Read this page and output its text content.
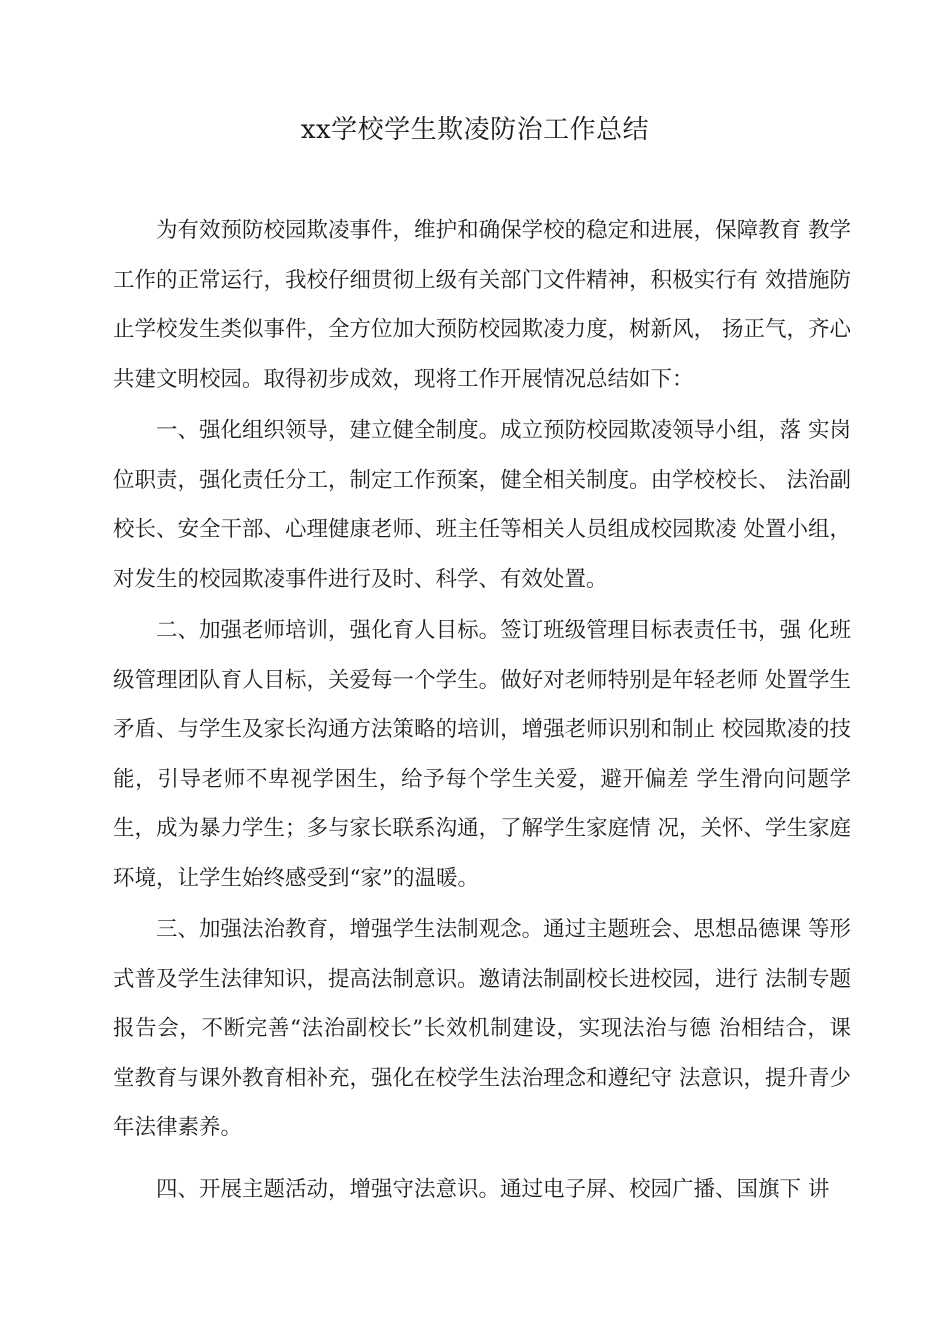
xx学校学生欺凌防治工作总结

为有效预防校园欺凌事件，维护和确保学校的稳定和进展，保障教育 教学工作的正常运行，我校仔细贯彻上级有关部门文件精神，积极实行有 效措施防止学校发生类似事件，全方位加大预防校园欺凌力度，树新风， 扬正气，齐心共建文明校园。取得初步成效，现将工作开展情况总结如下：

一、强化组织领导，建立健全制度。成立预防校园欺凌领导小组，落 实岗位职责，强化责任分工，制定工作预案，健全相关制度。由学校校长、 法治副校长、安全干部、心理健康老师、班主任等相关人员组成校园欺凌 处置小组，对发生的校园欺凌事件进行及时、科学、有效处置。

二、加强老师培训，强化育人目标。签订班级管理目标表责任书，强 化班级管理团队育人目标，关爱每一个学生。做好对老师特别是年轻老师 处置学生矛盾、与学生及家长沟通方法策略的培训，增强老师识别和制止 校园欺凌的技能，引导老师不卑视学困生，给予每个学生关爱，避开偏差 学生滑向问题学生，成为暴力学生；多与家长联系沟通，了解学生家庭情 况，关怀、学生家庭环境，让学生始终感受到“家”的温暖。

三、加强法治教育，增强学生法制观念。通过主题班会、思想品德课 等形式普及学生法律知识，提高法制意识。邀请法制副校长进校园，进行 法制专题报告会，不断完善“法治副校长”长效机制建设，实现法治与德 治相结合，课堂教育与课外教育相补充，强化在校学生法治理念和遵纪守 法意识，提升青少年法律素养。

四、开展主题活动，增强守法意识。通过电子屏、校园广播、国旗下 讲
